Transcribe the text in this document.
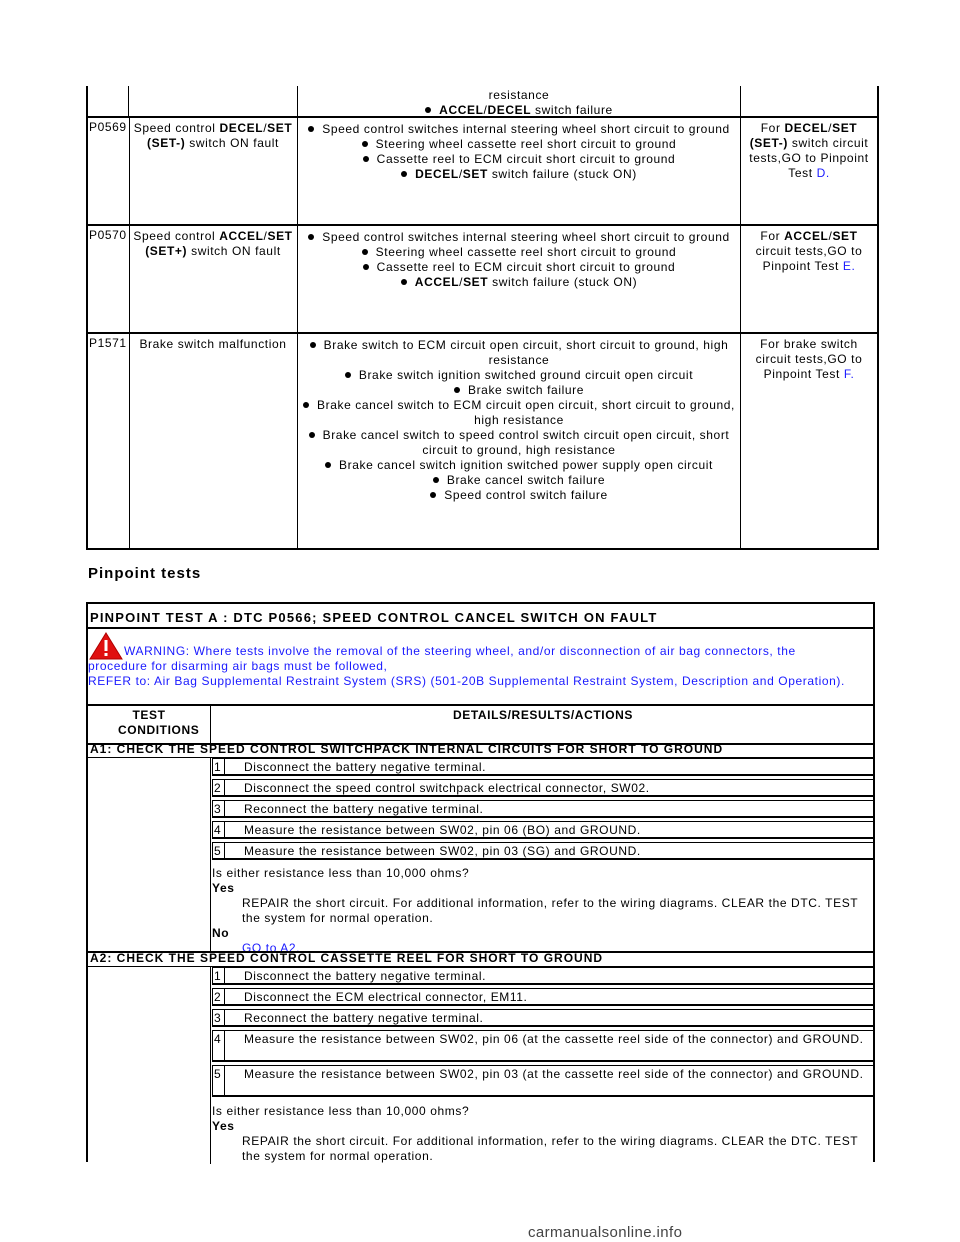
resistance
ACCEL/DECEL switch failure
P0569 Speed control DECEL/SET
(SET-) switch ON fault
Speed control switches internal steering wheel short circuit to ground
Steering wheel cassette reel short circuit to ground
Cassette reel to ECM circuit short circuit to ground
DECEL/SET switch failure (stuck ON)
For DECEL/SET (SET-) switch circuit tests,GO to Pinpoint Test D.
P0570 Speed control ACCEL/SET
(SET+) switch ON fault
Speed control switches internal steering wheel short circuit to ground
Steering wheel cassette reel short circuit to ground
Cassette reel to ECM circuit short circuit to ground
ACCEL/SET switch failure (stuck ON)
For ACCEL/SET circuit tests,GO to Pinpoint Test E.
P1571	Brake switch malfunction	Brake switch to ECM circuit open circuit, short circuit to ground, high resistance
Brake switch ignition switched ground circuit open circuit
Brake switch failure
Brake cancel switch to ECM circuit open circuit, short circuit to ground, high resistance
Brake cancel switch to speed control switch circuit open circuit, short circuit to ground, high resistance
Brake cancel switch ignition switched power supply open circuit
Brake cancel switch failure
Speed control switch failure
For brake switch circuit tests,GO to Pinpoint Test F.
Pinpoint tests
PINPOINT TEST A : DTC P0566; SPEED CONTROL CANCEL SWITCH ON FAULT
WARNING: Where tests involve the removal of the steering wheel, and/or disconnection of air bag connectors, the procedure for disarming air bags must be followed,
REFER to: Air Bag Supplemental Restraint System (SRS) (501-20B Supplemental Restraint System, Description and Operation).
TEST CONDITIONS
DETAILS/RESULTS/ACTIONS
A1: CHECK THE SPEED CONTROL SWITCHPACK INTERNAL CIRCUITS FOR SHORT TO GROUND
1 Disconnect the battery negative terminal.
2 Disconnect the speed control switchpack electrical connector, SW02.
3 Reconnect the battery negative terminal.
4 Measure the resistance between SW02, pin 06 (BO) and GROUND.
5 Measure the resistance between SW02, pin 03 (SG) and GROUND.
Is either resistance less than 10,000 ohms?
Yes
REPAIR the short circuit. For additional information, refer to the wiring diagrams. CLEAR the DTC. TEST the system for normal operation.
No
GO to A2.
A2: CHECK THE SPEED CONTROL CASSETTE REEL FOR SHORT TO GROUND
1 Disconnect the battery negative terminal.
2 Disconnect the ECM electrical connector, EM11.
3 Reconnect the battery negative terminal.
4 Measure the resistance between SW02, pin 06 (at the cassette reel side of the connector) and GROUND.
5 Measure the resistance between SW02, pin 03 (at the cassette reel side of the connector) and GROUND.
Is either resistance less than 10,000 ohms?
Yes
REPAIR the short circuit. For additional information, refer to the wiring diagrams. CLEAR the DTC. TEST the system for normal operation.
carmanualsonline.info
